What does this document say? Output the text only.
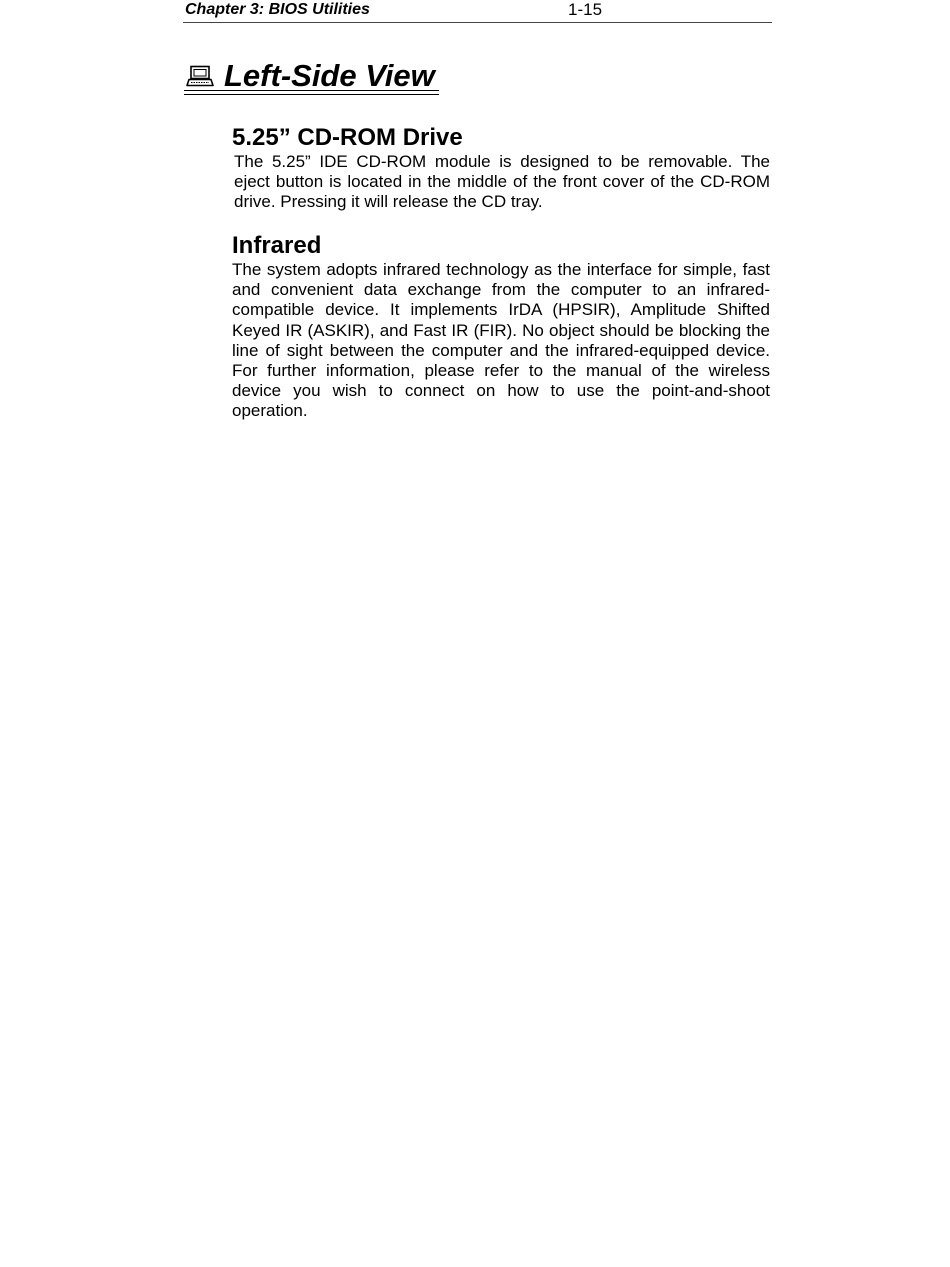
Chapter 3: BIOS Utilities	1-15
Left-Side View
5.25” CD-ROM Drive

The 5.25” IDE CD-ROM module is designed to be removable. The eject button is located in the middle of the front cover of the CD-ROM drive. Pressing it will release the CD tray.

Infrared

The system adopts infrared technology as the interface for simple, fast and convenient data exchange from the computer to an infrared-compatible device. It implements IrDA (HPSIR), Amplitude Shifted Keyed IR (ASKIR), and Fast IR (FIR). No object should be blocking the line of sight between the computer and the infrared-equipped device. For further information, please refer to the manual of the wireless device you wish to connect on how to use the point-and-shoot operation.
